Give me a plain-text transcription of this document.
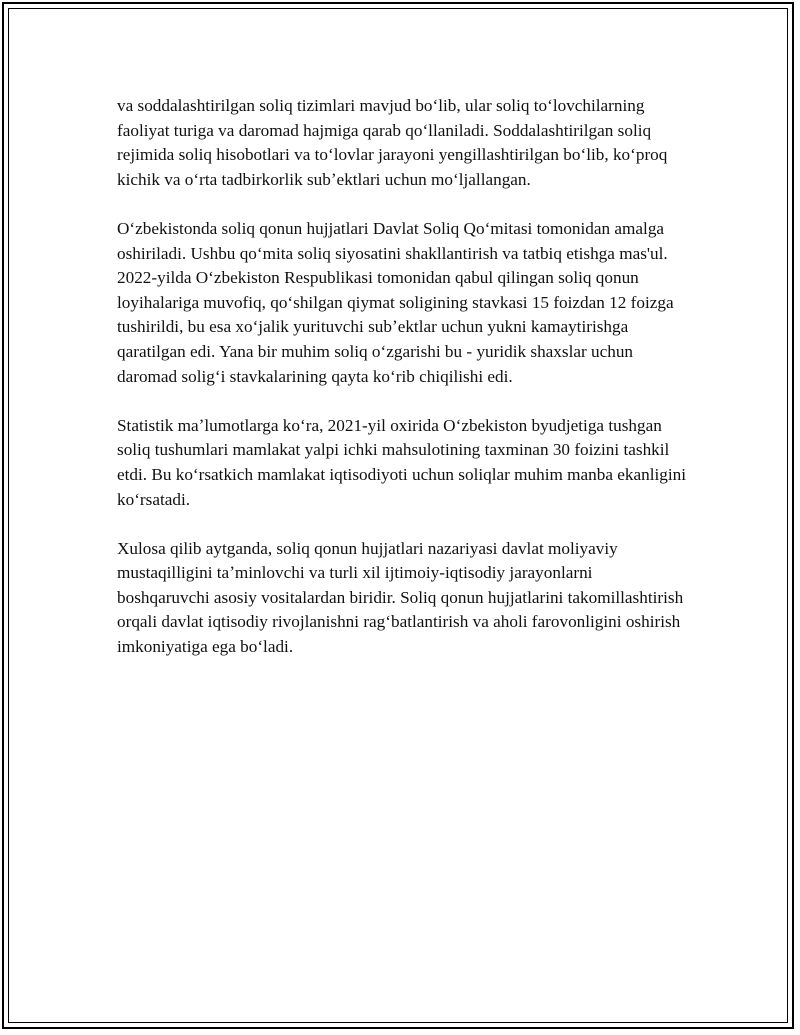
va soddalashtirilgan soliq tizimlari mavjud boʻlib, ular soliq toʻlovchilarning faoliyat turiga va daromad hajmiga qarab qoʻllaniladi. Soddalashtirilgan soliq rejimida soliq hisobotlari va toʻlovlar jarayoni yengillashtirilgan boʻlib, koʻproq kichik va oʻrta tadbirkorlik subʼektlari uchun moʻljallangan.

Oʻzbekistonda soliq qonun hujjatlari Davlat Soliq Qoʻmitasi tomonidan amalga oshiriladi. Ushbu qoʻmita soliq siyosatini shakllantirish va tatbiq etishga mas'ul. 2022-yilda Oʻzbekiston Respublikasi tomonidan qabul qilingan soliq qonun loyihalariga muvofiq, qoʻshilgan qiymat soligining stavkasi 15 foizdan 12 foizga tushirildi, bu esa xoʻjalik yurituvchi subʼektlar uchun yukni kamaytirishga qaratilgan edi. Yana bir muhim soliq oʻzgarishi bu - yuridik shaxslar uchun daromad soligʻi stavkalarining qayta koʻrib chiqilishi edi.

Statistik maʼlumotlarga koʻra, 2021-yil oxirida Oʻzbekiston byudjetiga tushgan soliq tushumlari mamlakat yalpi ichki mahsulotining taxminan 30 foizini tashkil etdi. Bu koʻrsatkich mamlakat iqtisodiyoti uchun soliqlar muhim manba ekanligini koʻrsatadi.

Xulosa qilib aytganda, soliq qonun hujjatlari nazariyasi davlat moliyaviy mustaqilligini taʼminlovchi va turli xil ijtimoiy-iqtisodiy jarayonlarni boshqaruvchi asosiy vositalardan biridir. Soliq qonun hujjatlarini takomillashtirish orqali davlat iqtisodiy rivojlanishni ragʻbatlantirish va aholi farovonligini oshirish imkoniyatiga ega boʻladi.
